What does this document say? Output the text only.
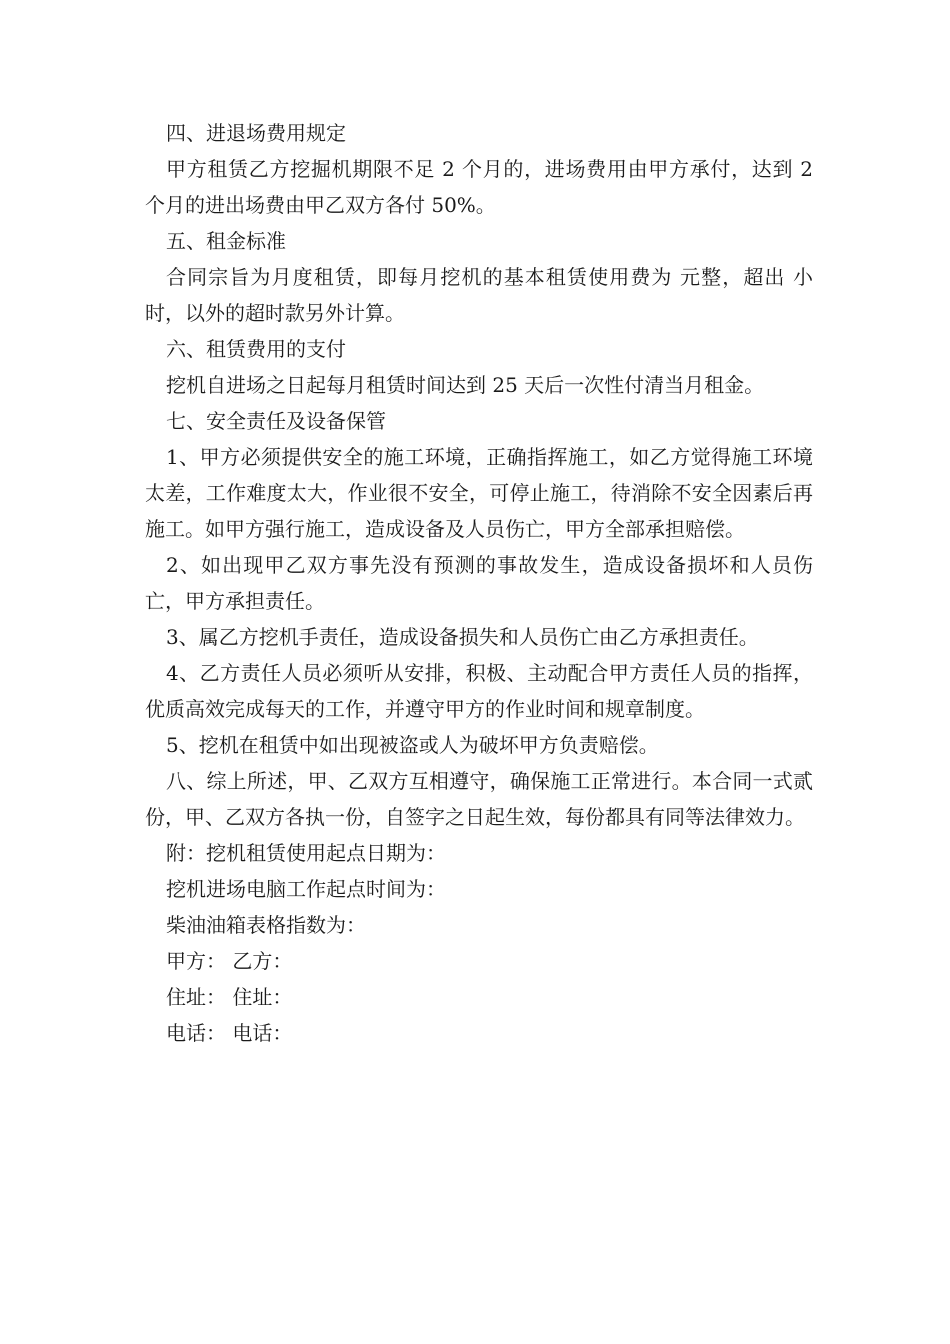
四、进退场费用规定

甲方租赁乙方挖掘机期限不足 2 个月的，进场费用由甲方承付，达到 2 个月的进出场费由甲乙双方各付 50%。

五、租金标准

合同宗旨为月度租赁，即每月挖机的基本租赁使用费为 元整，超出 小时，以外的超时款另外计算。

六、租赁费用的支付

挖机自进场之日起每月租赁时间达到 25 天后一次性付清当月租金。

七、安全责任及设备保管

1、甲方必须提供安全的施工环境，正确指挥施工，如乙方觉得施工环境太差，工作难度太大，作业很不安全，可停止施工，待消除不安全因素后再施工。如甲方强行施工，造成设备及人员伤亡，甲方全部承担赔偿。

2、如出现甲乙双方事先没有预测的事故发生，造成设备损坏和人员伤亡，甲方承担责任。

3、属乙方挖机手责任，造成设备损失和人员伤亡由乙方承担责任。

4、乙方责任人员必须听从安排，积极、主动配合甲方责任人员的指挥，优质高效完成每天的工作，并遵守甲方的作业时间和规章制度。

5、挖机在租赁中如出现被盗或人为破坏甲方负责赔偿。

八、综上所述，甲、乙双方互相遵守，确保施工正常进行。本合同一式贰份，甲、乙双方各执一份，自签字之日起生效，每份都具有同等法律效力。

附：挖机租赁使用起点日期为：

挖机进场电脑工作起点时间为：

柴油油箱表格指数为：

甲方： 乙方：

住址： 住址：

电话： 电话：
